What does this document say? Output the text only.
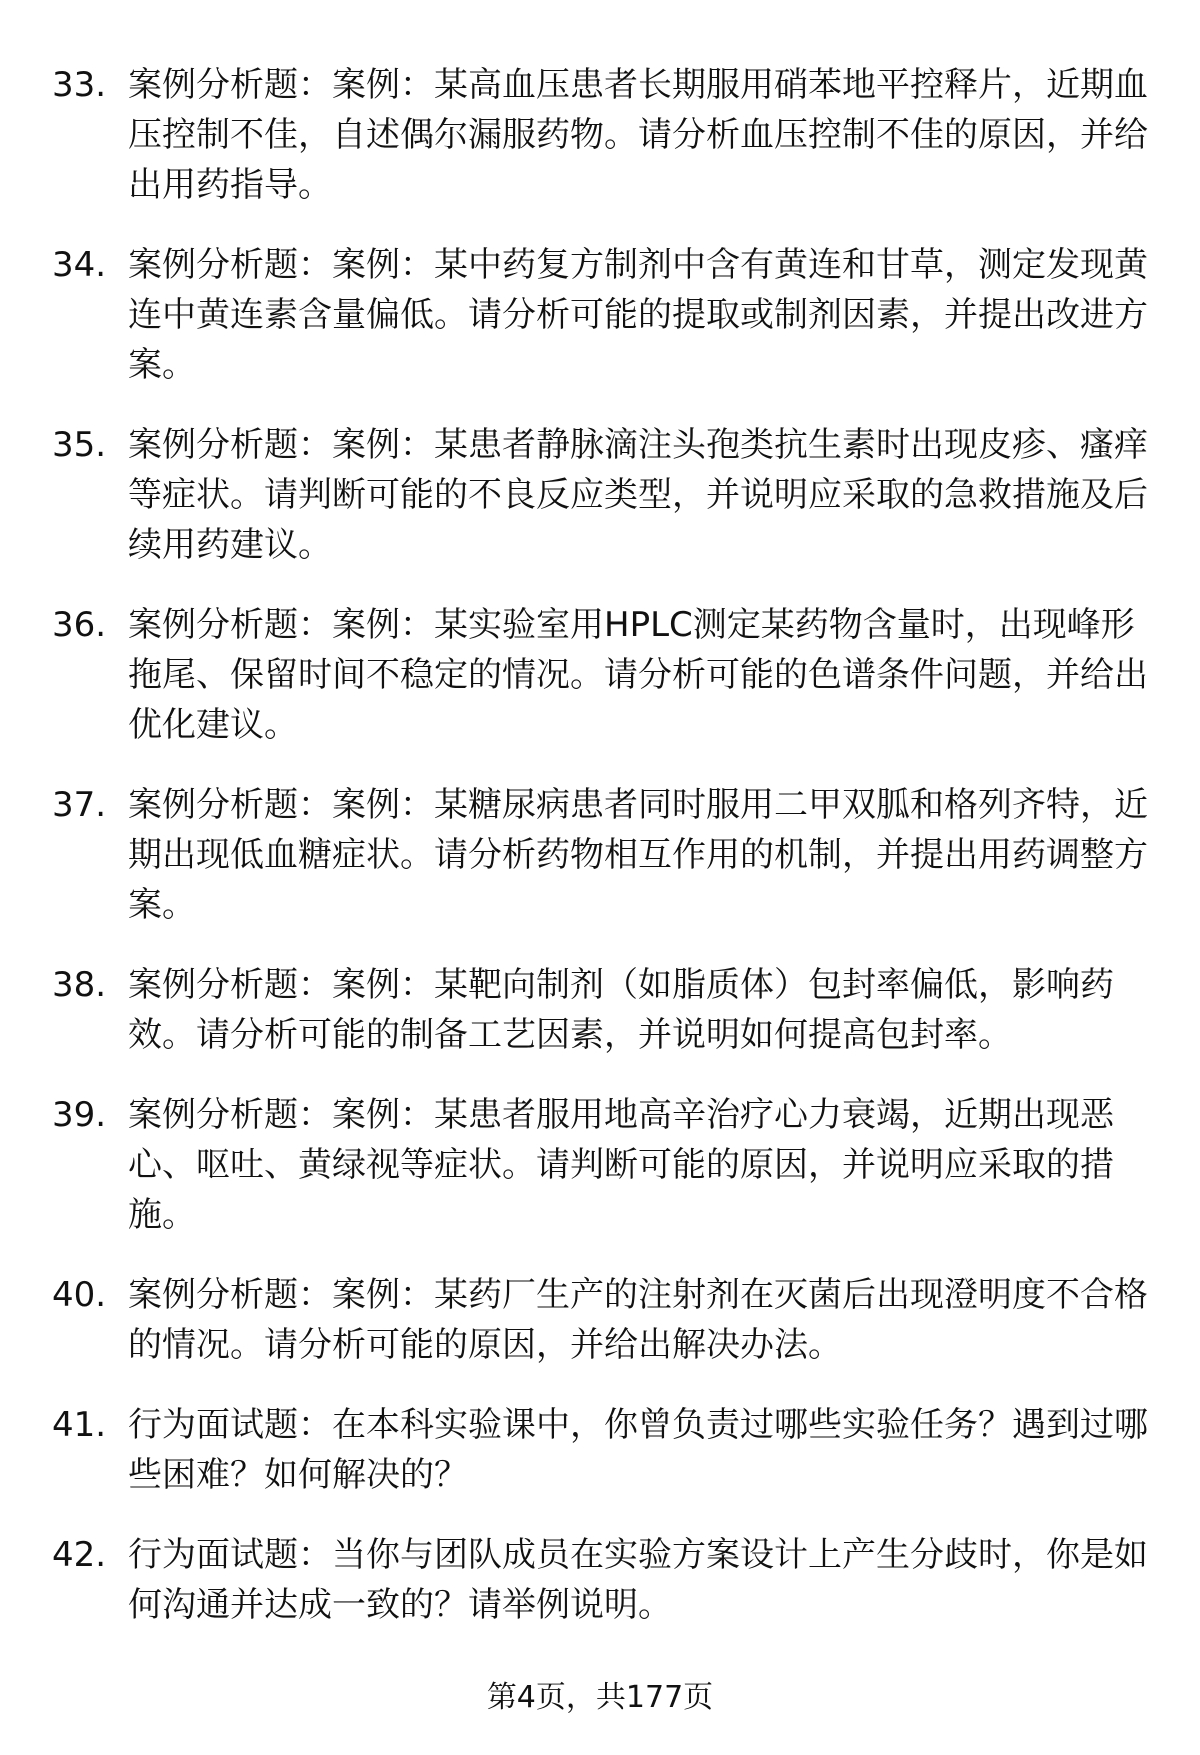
33. 案例分析题：案例：某高血压患者长期服用硝苯地平控释片，近期血压控制不佳，自述偶尔漏服药物。请分析血压控制不佳的原因，并给出用药指导。
34. 案例分析题：案例：某中药复方制剂中含有黄连和甘草，测定发现黄连中黄连素含量偏低。请分析可能的提取或制剂因素，并提出改进方案。
35. 案例分析题：案例：某患者静脉滴注头孢类抗生素时出现皮疹、瘙痒等症状。请判断可能的不良反应类型，并说明应采取的急救措施及后续用药建议。
36. 案例分析题：案例：某实验室用HPLC测定某药物含量时，出现峰形拖尾、保留时间不稳定的情况。请分析可能的色谱条件问题，并给出优化建议。
37. 案例分析题：案例：某糖尿病患者同时服用二甲双胍和格列齐特，近期出现低血糖症状。请分析药物相互作用的机制，并提出用药调整方案。
38. 案例分析题：案例：某靶向制剂（如脂质体）包封率偏低，影响药效。请分析可能的制备工艺因素，并说明如何提高包封率。
39. 案例分析题：案例：某患者服用地高辛治疗心力衰竭，近期出现恶心、呕吐、黄绿视等症状。请判断可能的原因，并说明应采取的措施。
40. 案例分析题：案例：某药厂生产的注射剂在灭菌后出现澄明度不合格的情况。请分析可能的原因，并给出解决办法。
41. 行为面试题：在本科实验课中，你曾负责过哪些实验任务？遇到过哪些困难？如何解决的？
42. 行为面试题：当你与团队成员在实验方案设计上产生分歧时，你是如何沟通并达成一致的？请举例说明。
第4页，共177页
